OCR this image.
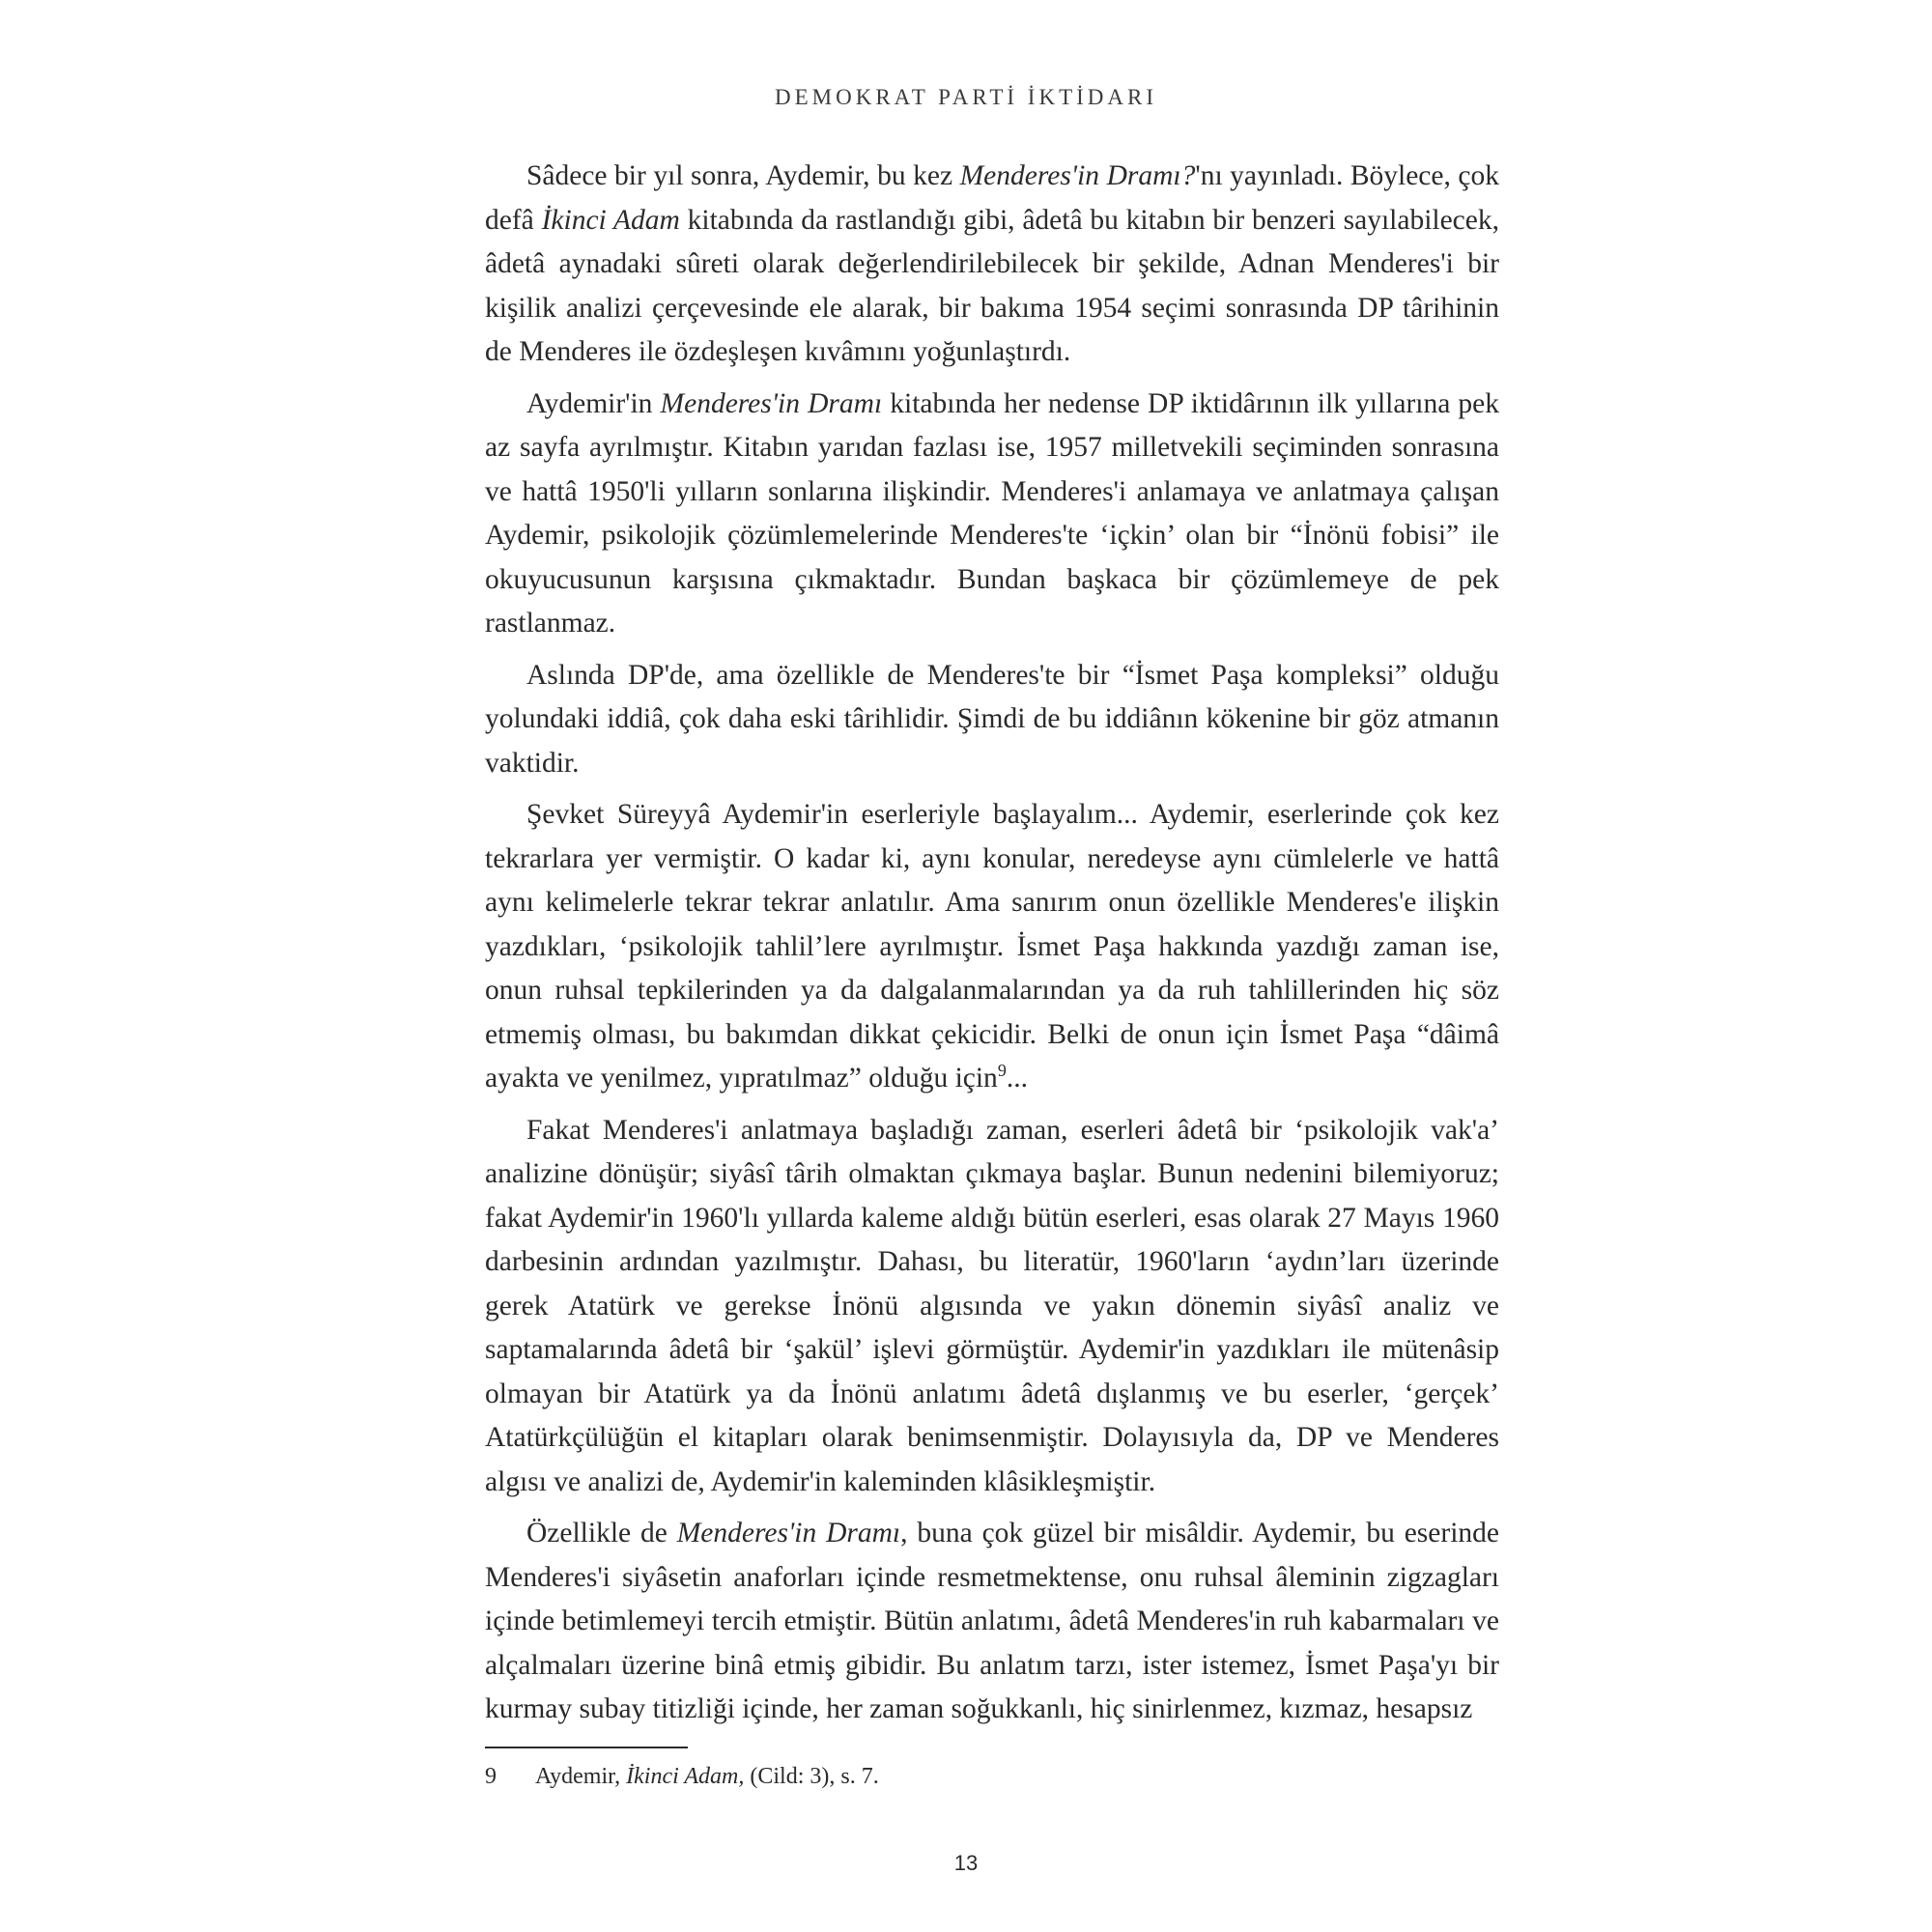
DEMOKRAT PARTİ İKTİDARI

Sâdece bir yıl sonra, Aydemir, bu kez Menderes'in Dramı?'nı yayınladı. Böylece, çok defâ İkinci Adam kitabında da rastlandığı gibi, âdetâ bu kitabın bir benzeri sayılabilecek, âdetâ aynadaki sûreti olarak değerlendirilebilecek bir şekilde, Adnan Menderes'i bir kişilik analizi çerçevesinde ele alarak, bir bakıma 1954 seçimi sonrasında DP târihinin de Menderes ile özdeşleşen kıvâmını yoğunlaştırdı.

Aydemir'in Menderes'in Dramı kitabında her nedense DP iktidârının ilk yıllarına pek az sayfa ayrılmıştır. Kitabın yarıdan fazlası ise, 1957 milletvekili seçiminden sonrasına ve hattâ 1950'li yılların sonlarına ilişkindir. Menderes'i anlamaya ve anlatmaya çalışan Aydemir, psikolojik çözümlemelerinde Menderes'te ‘içkin’ olan bir “İnönü fobisi” ile okuyucusunun karşısına çıkmaktadır. Bundan başkaca bir çözümlemeye de pek rastlanmaz.

Aslında DP'de, ama özellikle de Menderes'te bir “İsmet Paşa kompleksi” olduğu yolundaki iddiâ, çok daha eski târihlidir. Şimdi de bu iddiânın kökenine bir göz atmanın vaktidir.

Şevket Süreyyâ Aydemir'in eserleriyle başlayalım... Aydemir, eserlerinde çok kez tekrarlara yer vermiştir. O kadar ki, aynı konular, neredeyse aynı cümlelerle ve hattâ aynı kelimelerle tekrar tekrar anlatılır. Ama sanırım onun özellikle Menderes'e ilişkin yazdıkları, ‘psikolojik tahlil’lere ayrılmıştır. İsmet Paşa hakkında yazdığı zaman ise, onun ruhsal tepkilerinden ya da dalgalanmalarından ya da ruh tahlillerinden hiç söz etmemiş olması, bu bakımdan dikkat çekicidir. Belki de onun için İsmet Paşa “dâimâ ayakta ve yenilmez, yıpratılmaz” olduğu için$^9$...

Fakat Menderes'i anlatmaya başladığı zaman, eserleri âdetâ bir ‘psikolojik vak'a’ analizine dönüşür; siyâsî târih olmaktan çıkmaya başlar. Bunun nedenini bilemiyoruz; fakat Aydemir'in 1960'lı yıllarda kaleme aldığı bütün eserleri, esas olarak 27 Mayıs 1960 darbesinin ardından yazılmıştır. Dahası, bu literatür, 1960'ların ‘aydın’ları üzerinde gerek Atatürk ve gerekse İnönü algısında ve yakın dönemin siyâsî analiz ve saptamalarında âdetâ bir ‘şakül’ işlevi görmüştür. Aydemir'in yazdıkları ile mütenâsip olmayan bir Atatürk ya da İnönü anlatımı âdetâ dışlanmış ve bu eserler, ‘gerçek’ Atatürkçülüğün el kitapları olarak benimsenmiştir. Dolayısıyla da, DP ve Menderes algısı ve analizi de, Aydemir'in kaleminden klâsikleşmiştir.

Özellikle de Menderes'in Dramı, buna çok güzel bir misâldir. Aydemir, bu eserinde Menderes'i siyâsetin anaforları içinde resmetmektense, onu ruhsal âleminin zigzagları içinde betimlemeyi tercih etmiştir. Bütün anlatımı, âdetâ Menderes'in ruh kabarmaları ve alçalmaları üzerine binâ etmiş gibidir. Bu anlatım tarzı, ister istemez, İsmet Paşa'yı bir kurmay subay titizliği içinde, her zaman soğukkanlı, hiç sinirlenmez, kızmaz, hesapsız

9 Aydemir, İkinci Adam, (Cild: 3), s. 7.
13
